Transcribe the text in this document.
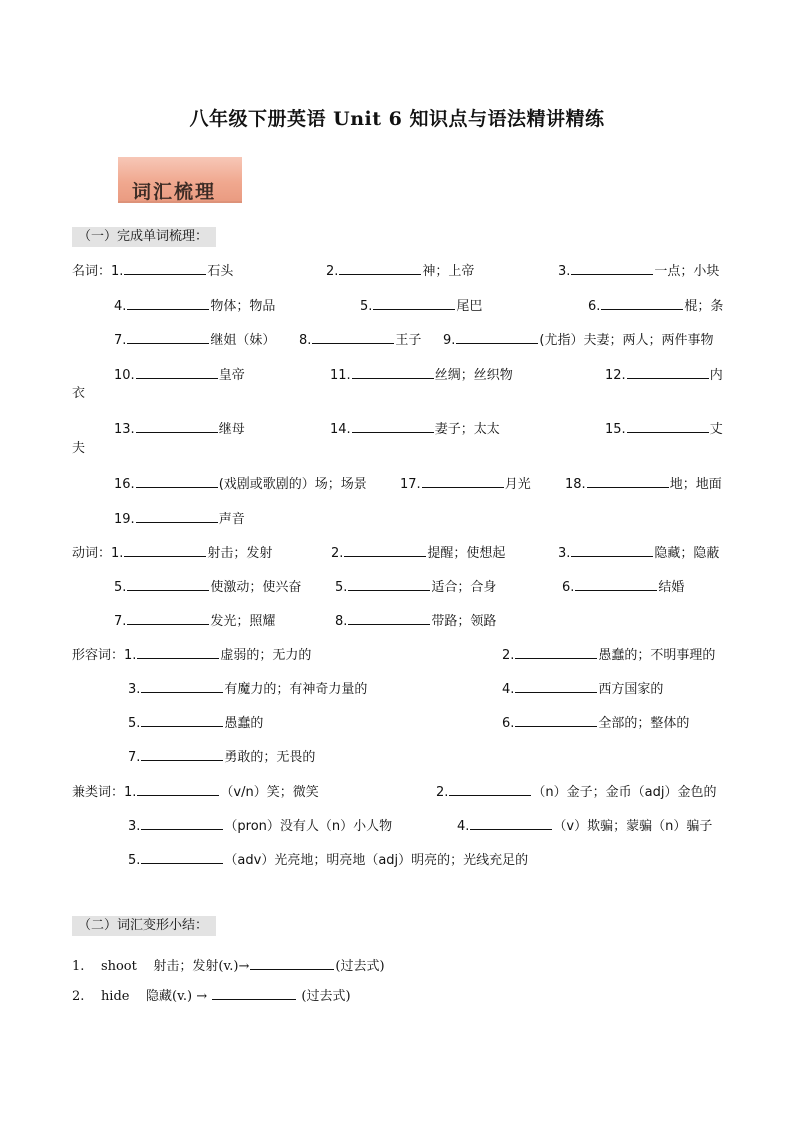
八年级下册英语 Unit 6 知识点与语法精讲精练
词汇梳理
（一）完成单词梳理：
名词：1.	石头	2.	神；上帝	3.	一点；小块
4.	物体；物品	5.	尾巴	6.	棍；条
7.	继姐（妹） 8.	王子 9.	(尤指）夫妻；两人；两件事物
10.	皇帝	11.	丝绸；丝织物	12.	内
衣
13.	继母	14.	妻子；太太	15.	丈
夫
16.	(戏剧或歌剧的）场；场景	17.	月光	18.	地；地面
19.	声音
动词：1.	射击；发射	2.	提醒；使想起	3.	隐藏；隐蔽
5.	使激动；使兴奋	5.	适合；合身	6.	结婚
7.	发光；照耀	8.	带路；领路
形容词：1.	虚弱的；无力的	2.	愚蠢的；不明事理的
3.	有魔力的；有神奇力量的	4.	西方国家的
5.	愚蠢的	6.	全部的；整体的
7.	勇敢的；无畏的
兼类词：1.	（v/n）笑；微笑	2.	（n）金子；金币（adj）金色的
3.	（pron）没有人（n）小人物	4.	（v）欺骗；蒙骗（n）骗子
5.	（adv）光亮地；明亮地（adj）明亮的；光线充足的
（二）词汇变形小结：
1. shoot 射击；发射(v.)→	(过去式)
2. hide 隐藏(v.) →	(过去式)
